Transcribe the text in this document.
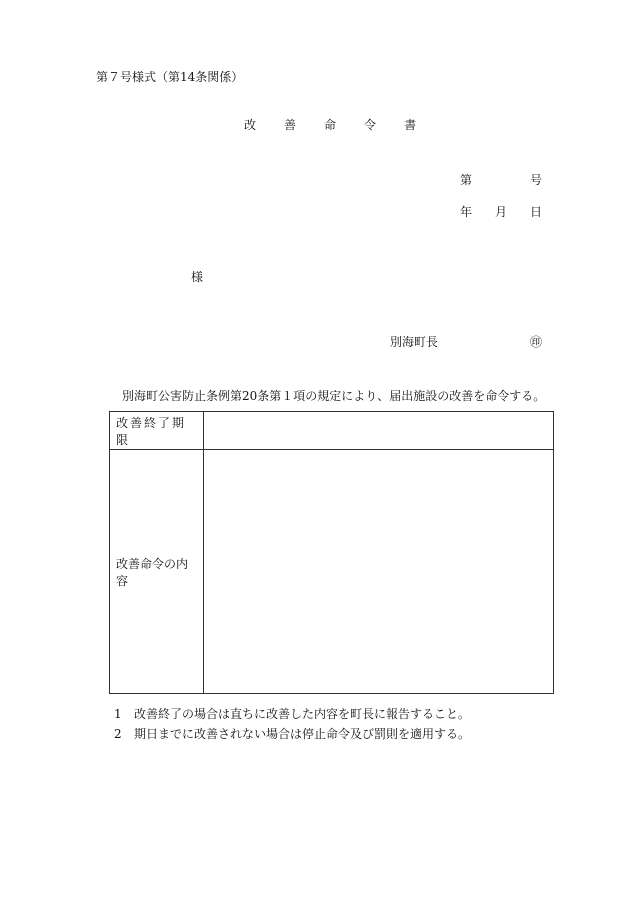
第７号様式（第14条関係）
改 善 命 令 書
第	号
年 月 日
様
別海町長	㊞
別海町公害防止条例第20条第１項の規定により、届出施設の改善を命令する。
改善終了期限	
改善命令の内容	
1 改善終了の場合は直ちに改善した内容を町長に報告すること。
2 期日までに改善されない場合は停止命令及び罰則を適用する。
